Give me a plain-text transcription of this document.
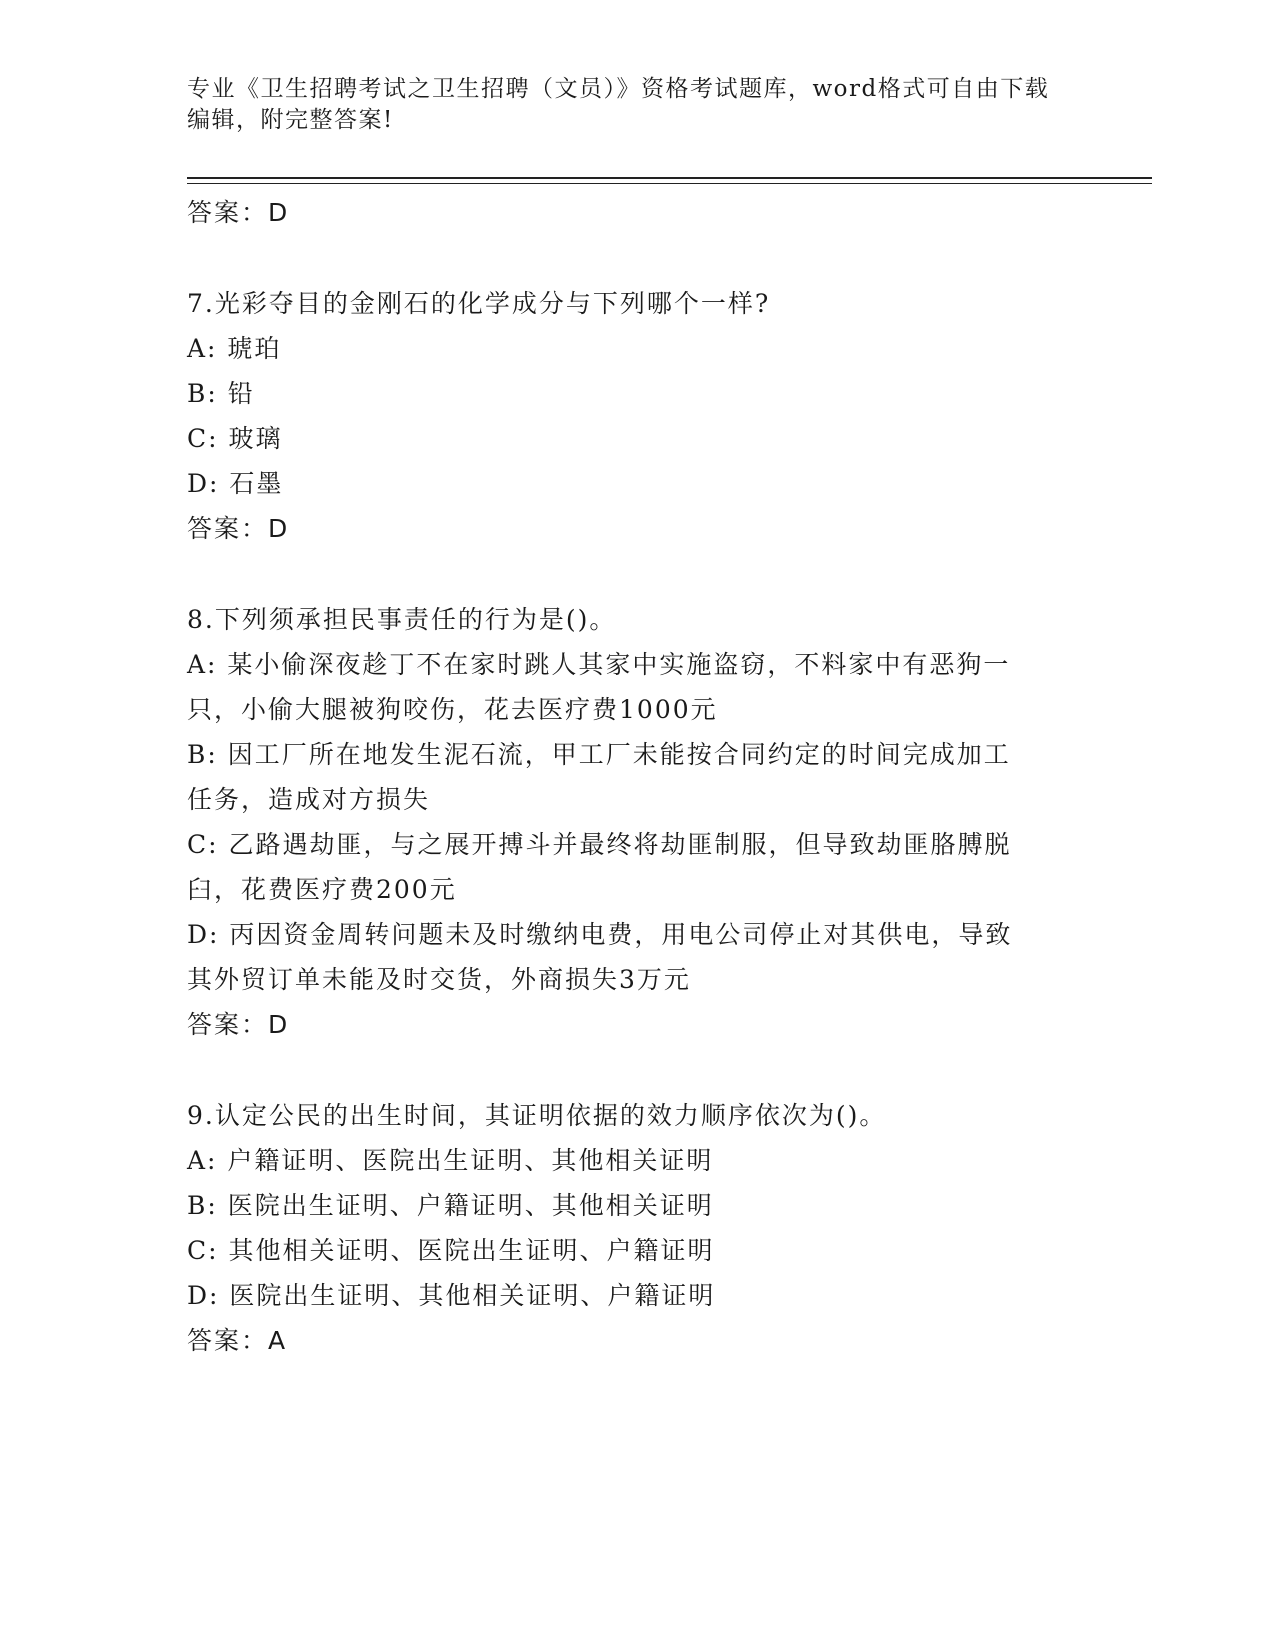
专业《卫生招聘考试之卫生招聘（文员）》资格考试题库，word格式可自由下载
编辑，附完整答案!
答案：D
7.光彩夺目的金刚石的化学成分与下列哪个一样?
A: 琥珀
B: 铅
C: 玻璃
D: 石墨
答案：D
8.下列须承担民事责任的行为是()。
A: 某小偷深夜趁丁不在家时跳人其家中实施盗窃，不料家中有恶狗一
只，小偷大腿被狗咬伤，花去医疗费1000元
B: 因工厂所在地发生泥石流，甲工厂未能按合同约定的时间完成加工
任务，造成对方损失
C: 乙路遇劫匪，与之展开搏斗并最终将劫匪制服，但导致劫匪胳膊脱
臼，花费医疗费200元
D: 丙因资金周转问题未及时缴纳电费，用电公司停止对其供电，导致
其外贸订单未能及时交货，外商损失3万元
答案：D
9.认定公民的出生时间，其证明依据的效力顺序依次为()。
A: 户籍证明、医院出生证明、其他相关证明
B: 医院出生证明、户籍证明、其他相关证明
C: 其他相关证明、医院出生证明、户籍证明
D: 医院出生证明、其他相关证明、户籍证明
答案：A
